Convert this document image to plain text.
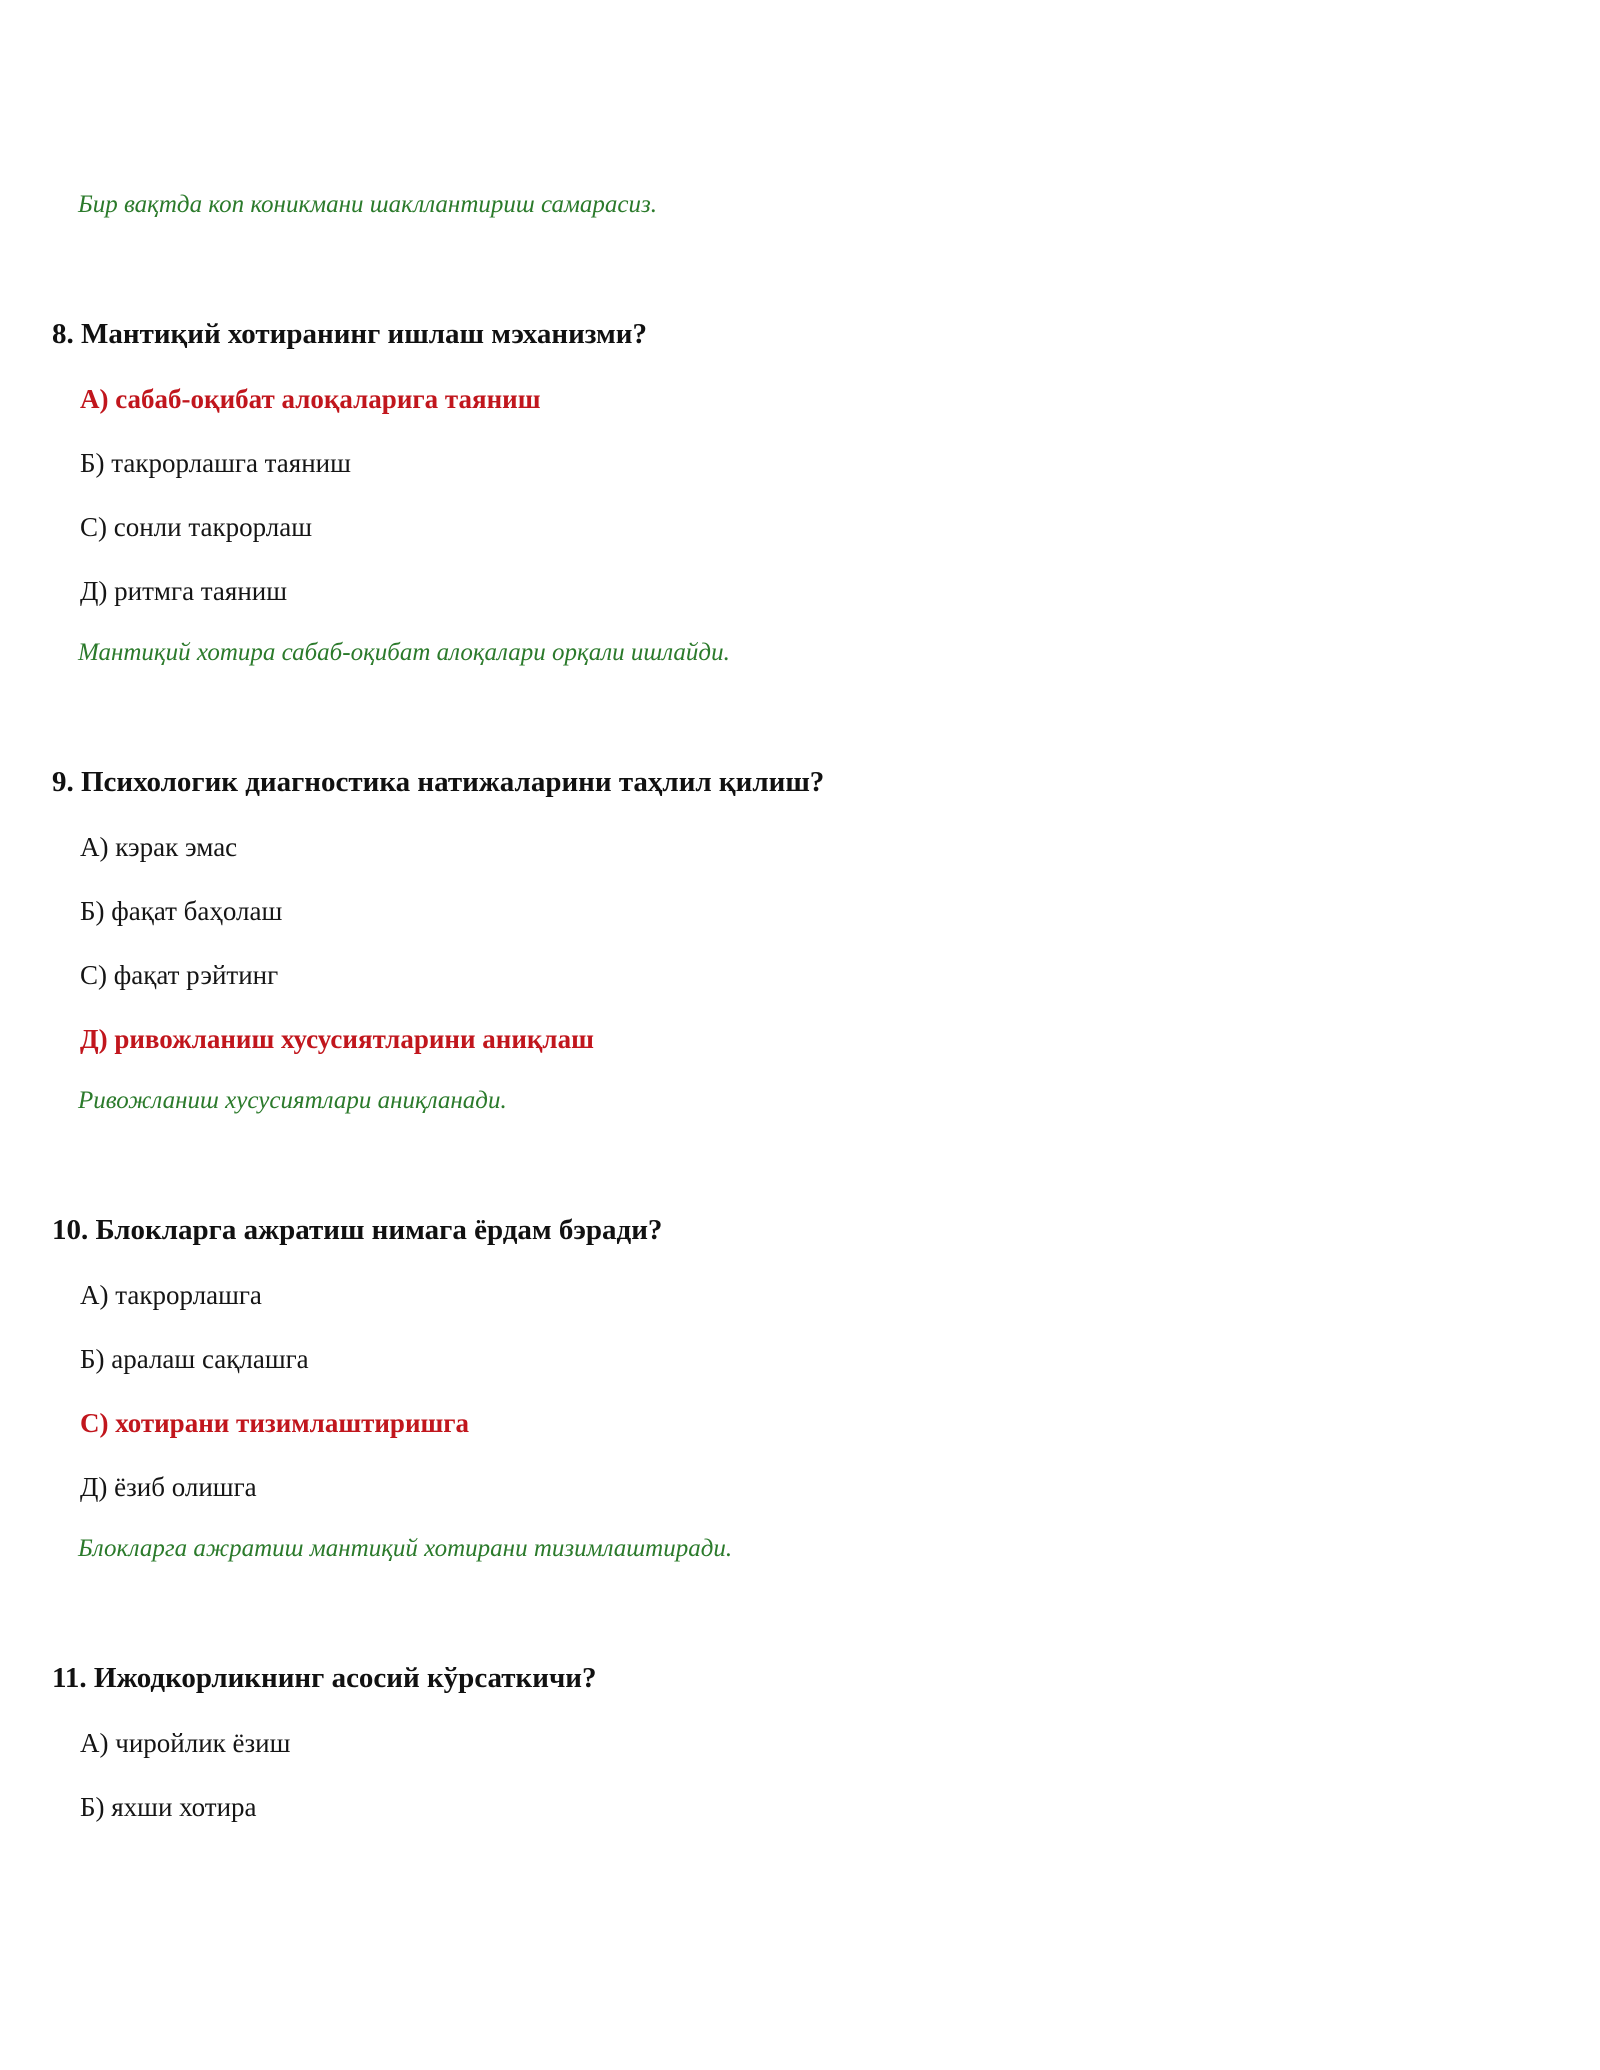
Бир вақтда коп коникмани шакллантириш самарасиз.
8. Мантиқий хотиранинг ишлаш мэханизми?
А) сабаб-оқибат алоқаларига таяниш
Б) такрорлашга таяниш
С) сонли такрорлаш
Д) ритмга таяниш
Мантиқий хотира сабаб-оқибат алоқалари орқали ишлайди.
9. Психологик диагностика натижаларини таҳлил қилиш?
А) кэрак эмас
Б) фақат баҳолаш
С) фақат рэйтинг
Д) ривожланиш хусусиятларини аниқлаш
Ривожланиш хусусиятлари аниқланади.
10. Блокларга ажратиш нимага ёрдам бэради?
А) такрорлашга
Б) аралаш сақлашга
С) хотирани тизимлаштиришга
Д) ёзиб олишга
Блокларга ажратиш мантиқий хотирани тизимлаштиради.
11. Ижодкорликнинг асосий кўрсаткичи?
А) чиройлик ёзиш
Б) яхши хотира
